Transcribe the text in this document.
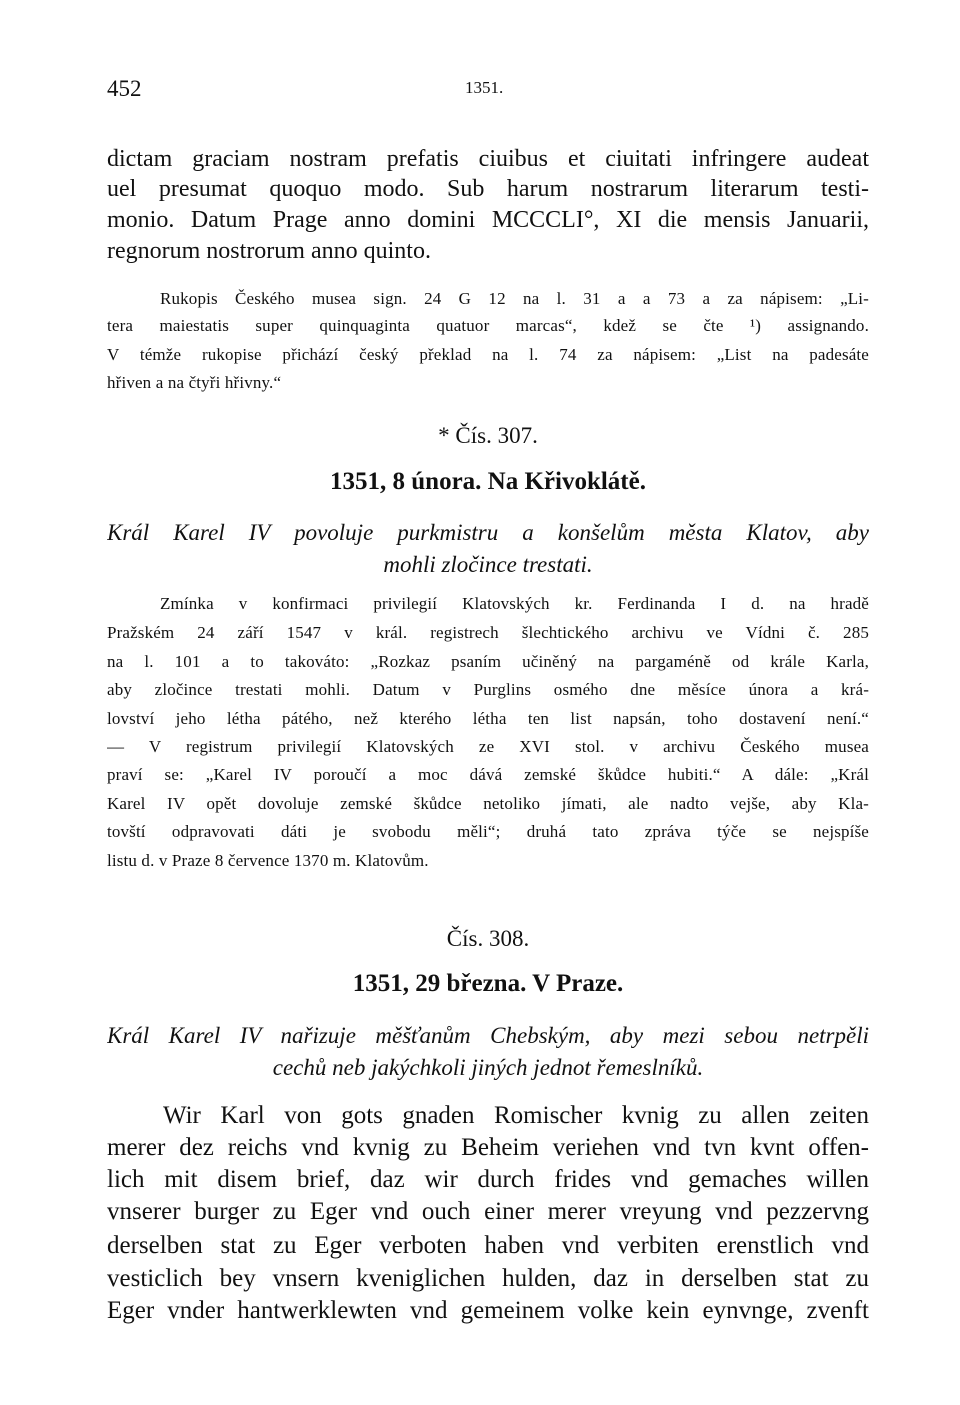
452	1351.
dictam graciam nostram prefatis ciuibus et ciuitati infringere audeat
uel presumat quoquo modo. Sub harum nostrarum literarum testi-
monio. Datum Prage anno domini MCCCLI°, XI die mensis Januarii,
regnorum nostrorum anno quinto.
Rukopis Českého musea sign. 24 G 12 na l. 31 a a 73 a za nápisem: „Li-
tera maiestatis super quinquaginta quatuor marcas“, kdež se čte ¹) assignando.
V témže rukopise přichází český překlad na l. 74 za nápisem: „List na padesáte
hřiven a na čtyři hřivny.“
* Čís. 307.
1351, 8 února. Na Křivoklátě.
Král Karel IV povoluje purkmistru a konšelům města Klatov, aby
mohli zločince trestati.
Zmínka v konfirmaci privilegií Klatovských kr. Ferdinanda I d. na hradě
Pražském 24 září 1547 v král. registrech šlechtického archivu ve Vídni č. 285
na l. 101 a to takováto: „Rozkaz psaním učiněný na pargaméně od krále Karla,
aby zločince trestati mohli. Datum v Purglins osmého dne měsíce února a krá-
lovství jeho létha pátého, než kterého létha ten list napsán, toho dostavení není.“
— V registrum privilegií Klatovských ze XVI stol. v archivu Českého musea
praví se: „Karel IV poroučí a moc dává zemské škůdce hubiti.“ A dále: „Král
Karel IV opět dovoluje zemské škůdce netoliko jímati, ale nadto vejše, aby Kla-
tovští odpravovati dáti je svobodu měli“; druhá tato zpráva týče se nejspíše
listu d. v Praze 8 července 1370 m. Klatovům.
Čís. 308.
1351, 29 března. V Praze.
Král Karel IV nařizuje měšťanům Chebským, aby mezi sebou netrpěli
cechů neb jakýchkoli jiných jednot řemeslníků.
Wir Karl von gots gnaden Romischer kvnig zu allen zeiten
merer dez reichs vnd kvnig zu Beheim veriehen vnd tvn kvnt offen-
lich mit disem brief, daz wir durch frides vnd gemaches willen
vnserer burger zu Eger vnd ouch einer merer vreyung vnd pezzervng
derselben stat zu Eger verboten haben vnd verbiten erenstlich vnd
vesticlich bey vnsern kveniglichen hulden, daz in derselben stat zu
Eger vnder hantwerklewten vnd gemeinem volke kein eynvnge, zvenft
